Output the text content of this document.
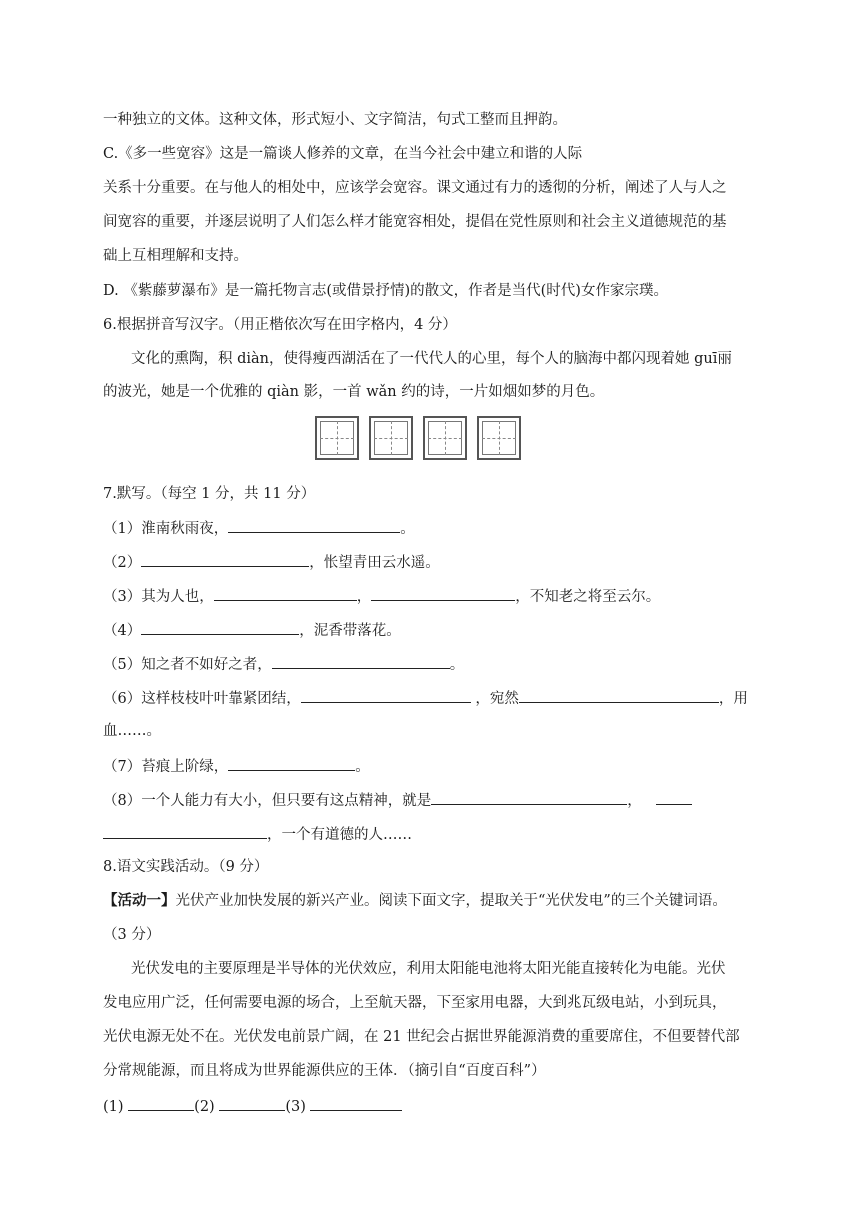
一种独立的文体。这种文体，形式短小、文字简洁，句式工整而且押韵。
C.《多一些宽容》这是一篇谈人修养的文章，在当今社会中建立和谐的人际
关系十分重要。在与他人的相处中，应该学会宽容。课文通过有力的透彻的分析，阐述了人与人之
间宽容的重要，并逐层说明了人们怎么样才能宽容相处，提倡在党性原则和社会主义道德规范的基
础上互相理解和支持。
D. 《紫藤萝瀑布》是一篇托物言志(或借景抒情)的散文，作者是当代(时代)女作家宗璞。
6.根据拼音写汉字。（用正楷依次写在田字格内，4 分）
文化的熏陶，积 diàn，使得瘦西湖活在了一代代人的心里，每个人的脑海中都闪现着她 guī丽
的波光，她是一个优雅的 qiàn 影，一首 wǎn 约的诗，一片如烟如梦的月色。
7.默写。（每空 1 分，共 11 分）
（1）淮南秋雨夜，	。
（2）	，怅望青田云水遥。
（3）其为人也，	，	，不知老之将至云尔。
（4）	，泥香带落花。
（5）知之者不如好之者，	。
（6）这样枝枝叶叶靠紧团结，	，宛然	，用
血……。
（7）苔痕上阶绿，	。
（8）一个人能力有大小，但只要有这点精神，就是	，
，一个有道德的人……
8.语文实践活动。（9 分）
【活动一】光伏产业加快发展的新兴产业。阅读下面文字，提取关于“光伏发电”的三个关键词语。
（3 分）
光伏发电的主要原理是半导体的光伏效应，利用太阳能电池将太阳光能直接转化为电能。光伏
发电应用广泛，任何需要电源的场合，上至航天器，下至家用电器，大到兆瓦级电站，小到玩具，
光伏电源无处不在。光伏发电前景广阔，在 21 世纪会占据世界能源消费的重要席住，不但要替代部
分常规能源，而且将成为世界能源供应的王体．（摘引自“百度百科”）
(1)	(2)	(3)
